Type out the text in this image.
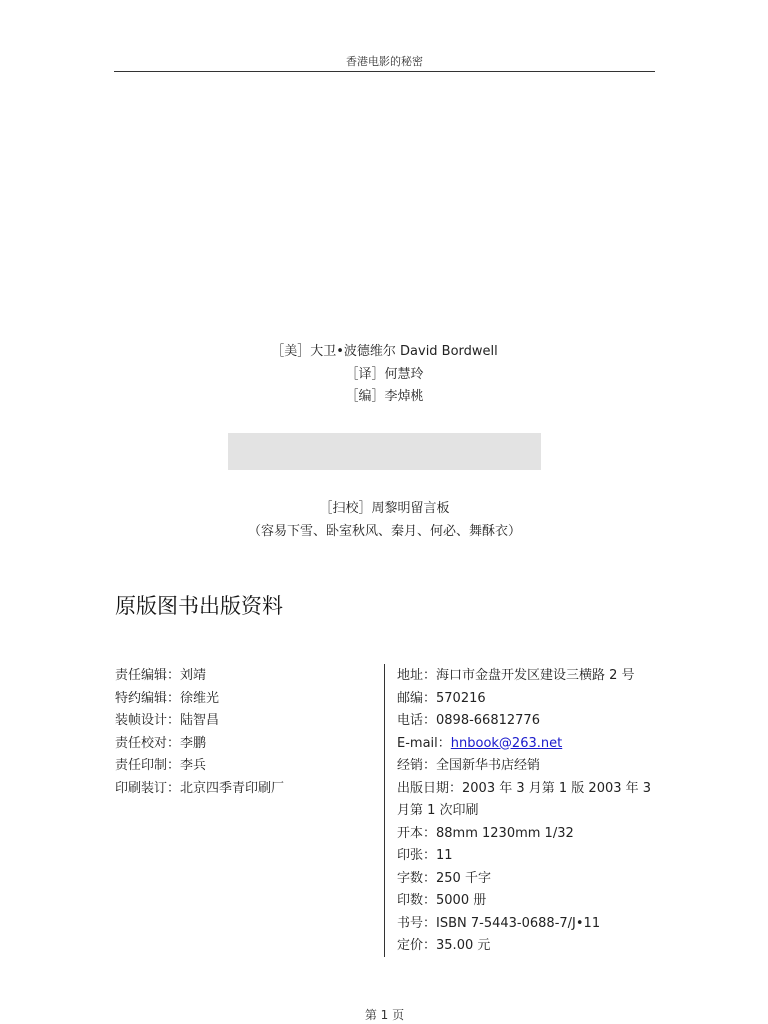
香港电影的秘密
［美］大卫•波德维尔 David Bordwell
［译］何慧玲
［编］李焯桃
［扫校］周黎明留言板
（容易下雪、卧室秋风、秦月、何必、舞酥衣）
原版图书出版资料
责任编辑：刘靖
特约编辑：徐维光
装帧设计：陆智昌
责任校对：李鹏
责任印制：李兵
印刷装订：北京四季青印刷厂
地址：海口市金盘开发区建设三横路 2 号
邮编：570216
电话：0898-66812776
E-mail：hnbook@263.net
经销：全国新华书店经销
出版日期：2003 年 3 月第 1 版 2003 年 3 月第 1 次印刷
开本：88mm 1230mm 1/32
印张：11
字数：250 千字
印数：5000 册
书号：ISBN 7-5443-0688-7/J•11
定价：35.00 元
第 1 页
